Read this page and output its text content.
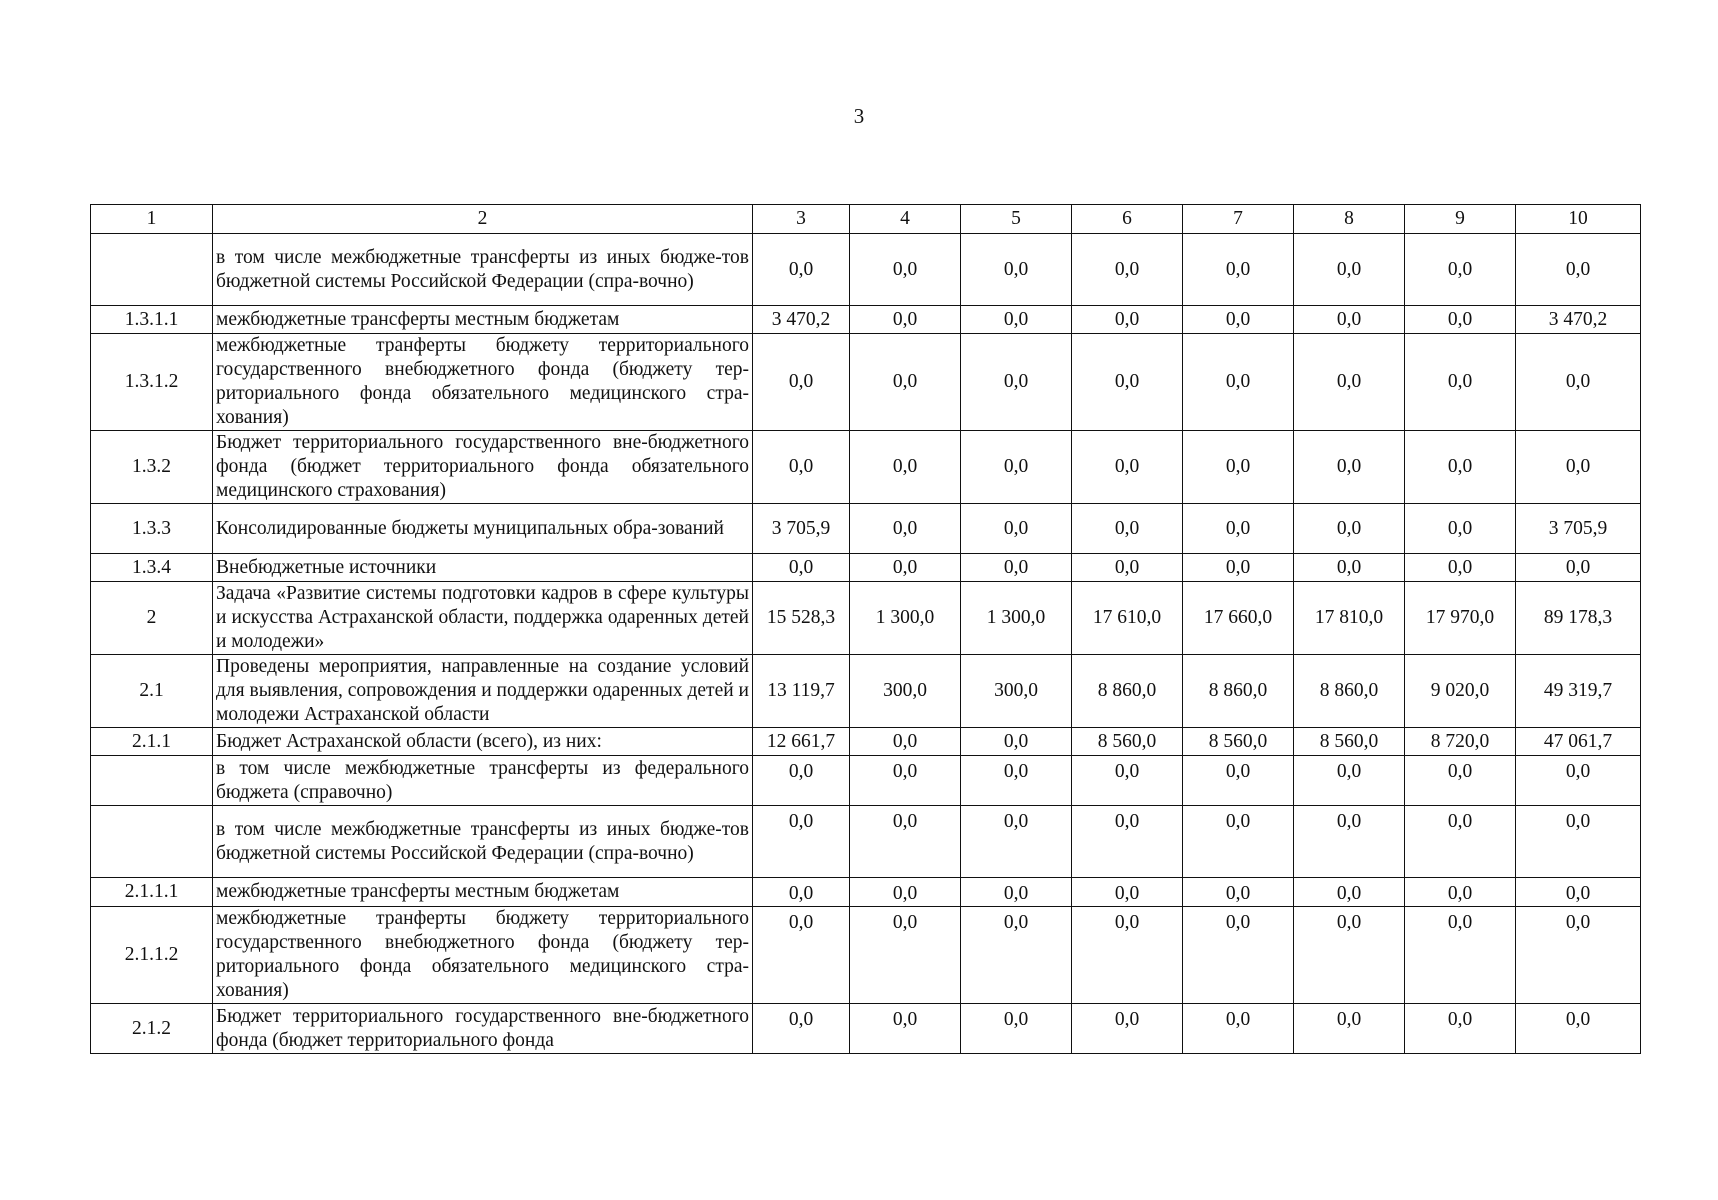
3
1	2	3	4	5	6	7	8	9	10
	в том числе межбюджетные трансферты из иных бюдже-тов бюджетной системы Российской Федерации (спра-вочно)	0,0	0,0	0,0	0,0	0,0	0,0	0,0	0,0
1.3.1.1	межбюджетные трансферты местным бюджетам	3 470,2	0,0	0,0	0,0	0,0	0,0	0,0	3 470,2
1.3.1.2	межбюджетные транферты бюджету территориального государственного внебюджетного фонда (бюджету тер-риториального фонда обязательного медицинского стра-хования)	0,0	0,0	0,0	0,0	0,0	0,0	0,0	0,0
1.3.2	Бюджет территориального государственного вне-бюджетного фонда (бюджет территориального фонда обязательного медицинского страхования)	0,0	0,0	0,0	0,0	0,0	0,0	0,0	0,0
1.3.3	Консолидированные бюджеты муниципальных обра-зований	3 705,9	0,0	0,0	0,0	0,0	0,0	0,0	3 705,9
1.3.4	Внебюджетные источники	0,0	0,0	0,0	0,0	0,0	0,0	0,0	0,0
2	Задача «Развитие системы подготовки кадров в сфере культуры и искусства Астраханской области, поддержка одаренных детей и молодежи»	15 528,3	1 300,0	1 300,0	17 610,0	17 660,0	17 810,0	17 970,0	89 178,3
2.1	Проведены мероприятия, направленные на создание условий для выявления, сопровождения и поддержки одаренных детей и молодежи Астраханской области	13 119,7	300,0	300,0	8 860,0	8 860,0	8 860,0	9 020,0	49 319,7
2.1.1	Бюджет Астраханской области (всего), из них:	12 661,7	0,0	0,0	8 560,0	8 560,0	8 560,0	8 720,0	47 061,7
	в том числе межбюджетные трансферты из федерального бюджета (справочно)	0,0	0,0	0,0	0,0	0,0	0,0	0,0	0,0
	в том числе межбюджетные трансферты из иных бюдже-тов бюджетной системы Российской Федерации (спра-вочно)	0,0	0,0	0,0	0,0	0,0	0,0	0,0	0,0
2.1.1.1	межбюджетные трансферты местным бюджетам	0,0	0,0	0,0	0,0	0,0	0,0	0,0	0,0
2.1.1.2	межбюджетные транферты бюджету территориального государственного внебюджетного фонда (бюджету тер-риториального фонда обязательного медицинского стра-хования)	0,0	0,0	0,0	0,0	0,0	0,0	0,0	0,0
2.1.2	Бюджет территориального государственного вне-бюджетного фонда (бюджет территориального фонда	0,0	0,0	0,0	0,0	0,0	0,0	0,0	0,0
